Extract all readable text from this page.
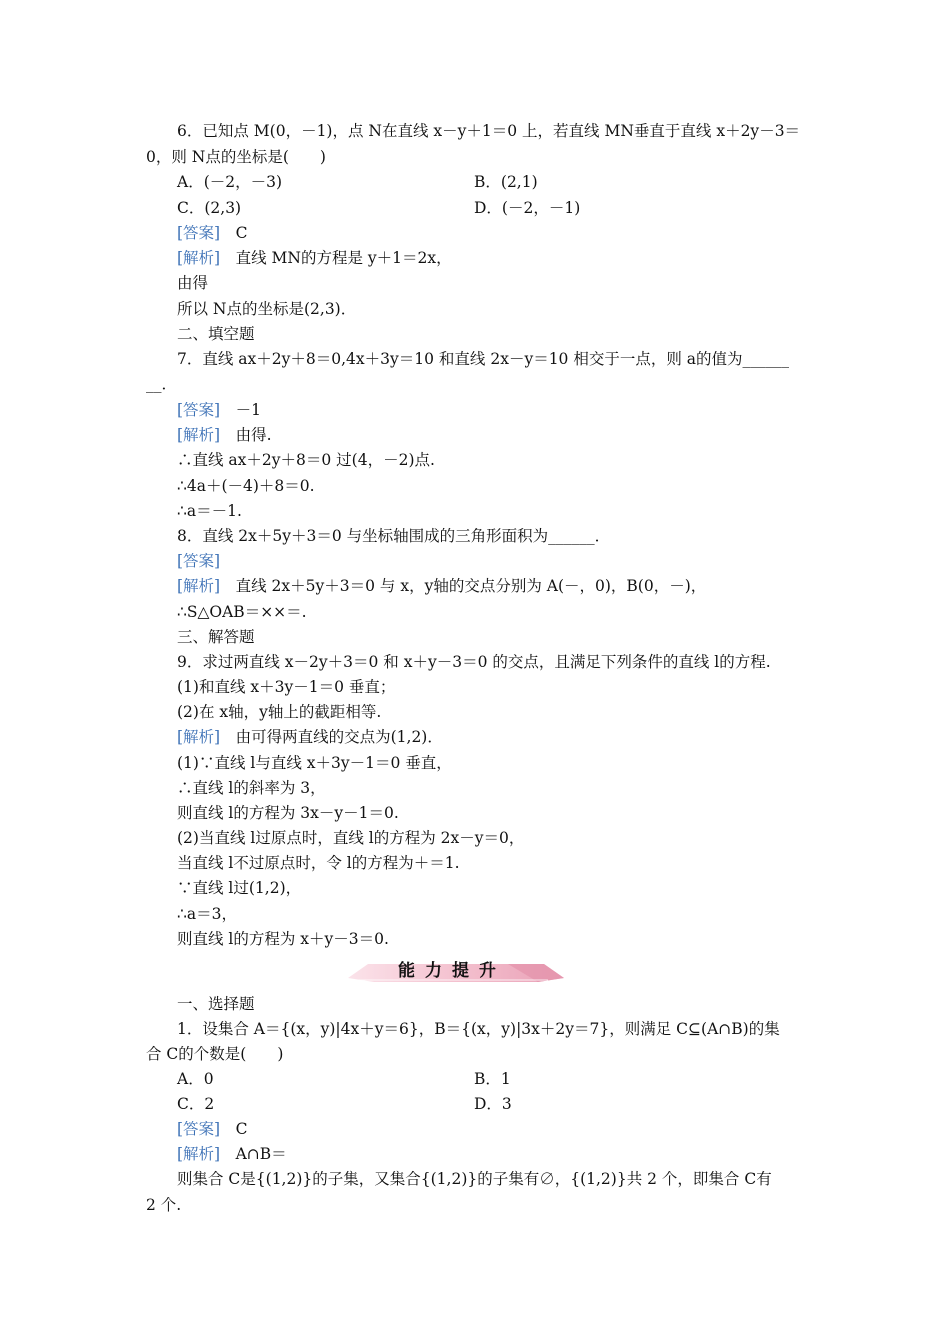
6．已知点 M(0，－1)，点 N在直线 x－y＋1＝0 上，若直线 MN垂直于直线 x＋2y－3＝
0，则 N点的坐标是(　　)
A．(－2，－3)	B．(2,1)
C．(2,3)	D．(－2，－1)
[答案]　C
[解析]　直线 MN的方程是 y＋1＝2x，
由得
所以 N点的坐标是(2,3)．
二、填空题
7．直线 ax＋2y＋8＝0,4x＋3y＝10 和直线 2x－y＝10 相交于一点，则 a的值为______
__．
[答案]　－1
[解析]　由得.
∴直线 ax＋2y＋8＝0 过(4，－2)点.
∴4a＋(－4)＋8＝0.
∴a＝－1.
8．直线 2x＋5y＋3＝0 与坐标轴围成的三角形面积为______．
[答案]
[解析]　直线 2x＋5y＋3＝0 与 x，y轴的交点分别为 A(－，0)，B(0，－)，
∴S△OAB＝××＝.
三、解答题
9．求过两直线 x－2y＋3＝0 和 x＋y－3＝0 的交点，且满足下列条件的直线 l的方程.
(1)和直线 x＋3y－1＝0 垂直；
(2)在 x轴，y轴上的截距相等.
[解析]　由可得两直线的交点为(1,2)．
(1)∵直线 l与直线 x＋3y－1＝0 垂直，
∴直线 l的斜率为 3，
则直线 l的方程为 3x－y－1＝0.
(2)当直线 l过原点时，直线 l的方程为 2x－y＝0，
当直线 l不过原点时，令 l的方程为＋＝1.
∵直线 l过(1,2)，
∴a＝3，
则直线 l的方程为 x＋y－3＝0.
能力提升
一、选择题
1．设集合 A＝{(x，y)|4x＋y＝6}，B＝{(x，y)|3x＋2y＝7}，则满足 C⊆(A∩B)的集
合 C的个数是(　　)
A．0	B．1
C．2	D．3
[答案]　C
[解析]　A∩B＝
则集合 C是{(1,2)}的子集，又集合{(1,2)}的子集有∅，{(1,2)}共 2 个，即集合 C有
2 个.
